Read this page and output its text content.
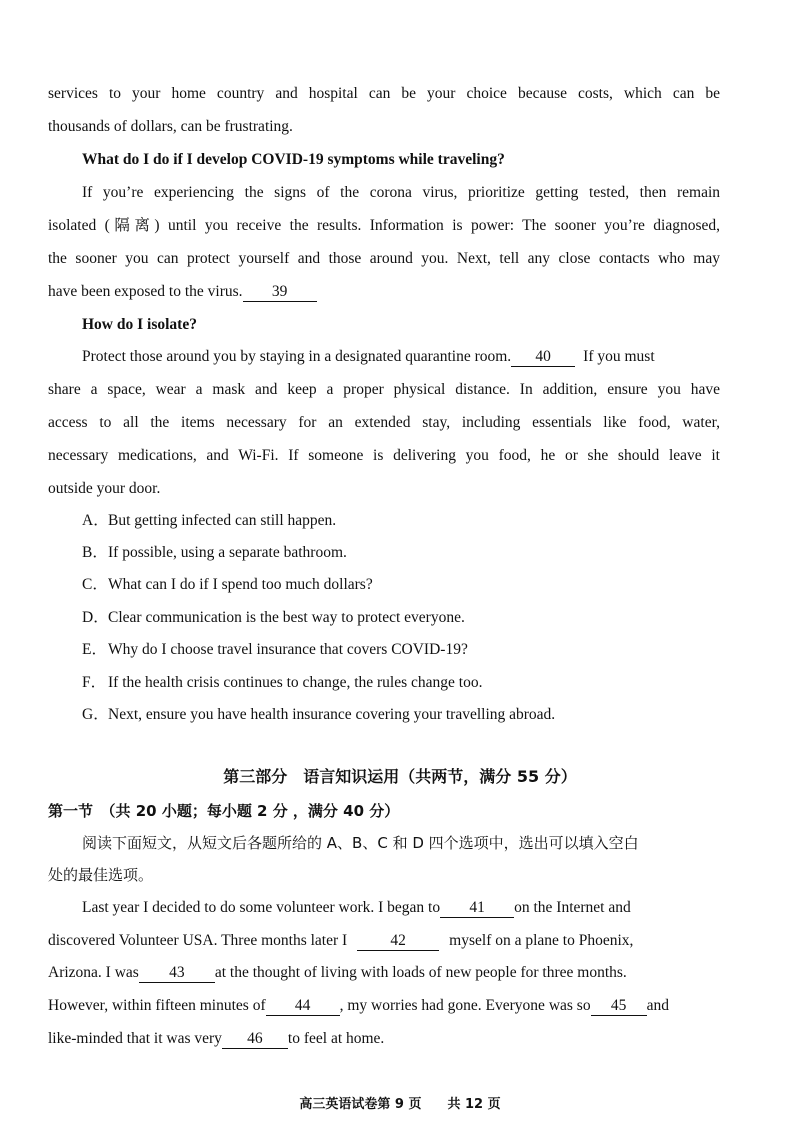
services to your home country and hospital can be your choice because costs, which can be
thousands of dollars, can be frustrating.
What do I do if I develop COVID-19 symptoms while traveling?
If you’re experiencing the signs of the corona virus, prioritize getting tested, then remain
isolated (隔离) until you receive the results. Information is power: The sooner you’re diagnosed,
the sooner you can protect yourself and those around you. Next, tell any close contacts who may
have been exposed to the virus. 39
How do I isolate?
Protect those around you by staying in a designated quarantine room. 40 If you must
share a space, wear a mask and keep a proper physical distance. In addition, ensure you have
access to all the items necessary for an extended stay, including essentials like food, water,
necessary medications, and Wi-Fi. If someone is delivering you food, he or she should leave it
outside your door.
A．But getting infected can still happen.
B．If possible, using a separate bathroom.
C．What can I do if I spend too much dollars?
D．Clear communication is the best way to protect everyone.
E．Why do I choose travel insurance that covers COVID-19?
F． If the health crisis continues to change, the rules change too.
G．Next, ensure you have health insurance covering your travelling abroad.
第三部分　语言知识运用（共两节，满分 55 分）
第一节　（共 20 小题；每小题 2 分 ，满分 40 分）
阅读下面短文，从短文后各题所给的 A、B、C 和 D 四个选项中，选出可以填入空白
处的最佳选项。
Last year I decided to do some volunteer work. I began to 41 on the Internet and
discovered Volunteer USA. Three months later I	42	myself on a plane to Phoenix,
Arizona. I was 43 at the thought of living with loads of new people for three months.
However, within fifteen minutes of 44 , my worries had gone. Everyone was so 45 and
like-minded that it was very 46 to feel at home.
高三英语试卷第 9 页　　共 12 页
